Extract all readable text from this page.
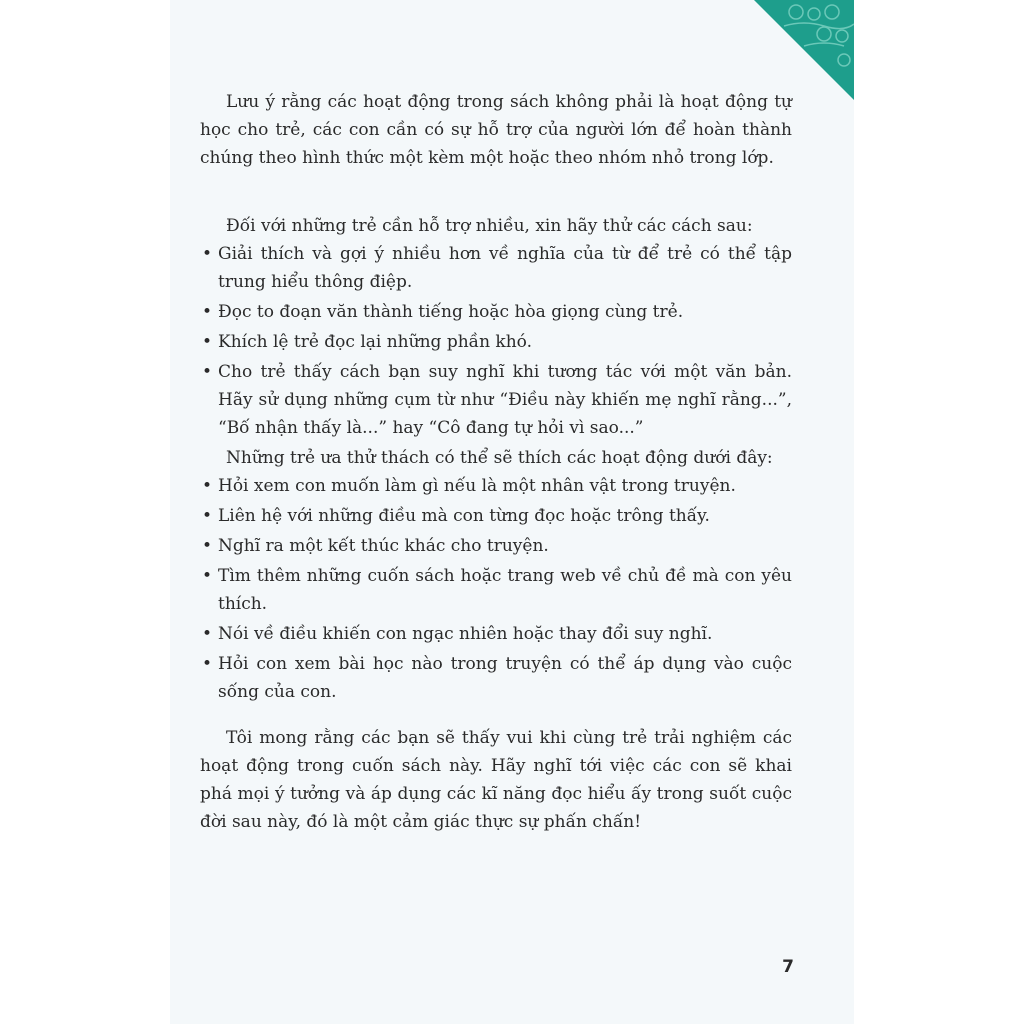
Lưu ý rằng các hoạt động trong sách không phải là hoạt động tự học cho trẻ, các con cần có sự hỗ trợ của người lớn để hoàn thành chúng theo hình thức một kèm một hoặc theo nhóm nhỏ trong lớp.

Đối với những trẻ cần hỗ trợ nhiều, xin hãy thử các cách sau:

• Giải thích và gợi ý nhiều hơn về nghĩa của từ để trẻ có thể tập trung hiểu thông điệp.
• Đọc to đoạn văn thành tiếng hoặc hòa giọng cùng trẻ.
• Khích lệ trẻ đọc lại những phần khó.
• Cho trẻ thấy cách bạn suy nghĩ khi tương tác với một văn bản. Hãy sử dụng những cụm từ như “Điều này khiến mẹ nghĩ rằng...”, “Bố nhận thấy là...” hay “Cô đang tự hỏi vì sao...”

Những trẻ ưa thử thách có thể sẽ thích các hoạt động dưới đây:

• Hỏi xem con muốn làm gì nếu là một nhân vật trong truyện.
• Liên hệ với những điều mà con từng đọc hoặc trông thấy.
• Nghĩ ra một kết thúc khác cho truyện.
• Tìm thêm những cuốn sách hoặc trang web về chủ đề mà con yêu thích.
• Nói về điều khiến con ngạc nhiên hoặc thay đổi suy nghĩ.
• Hỏi con xem bài học nào trong truyện có thể áp dụng vào cuộc sống của con.

Tôi mong rằng các bạn sẽ thấy vui khi cùng trẻ trải nghiệm các hoạt động trong cuốn sách này. Hãy nghĩ tới việc các con sẽ khai phá mọi ý tưởng và áp dụng các kĩ năng đọc hiểu ấy trong suốt cuộc đời sau này, đó là một cảm giác thực sự phấn chấn!

7
